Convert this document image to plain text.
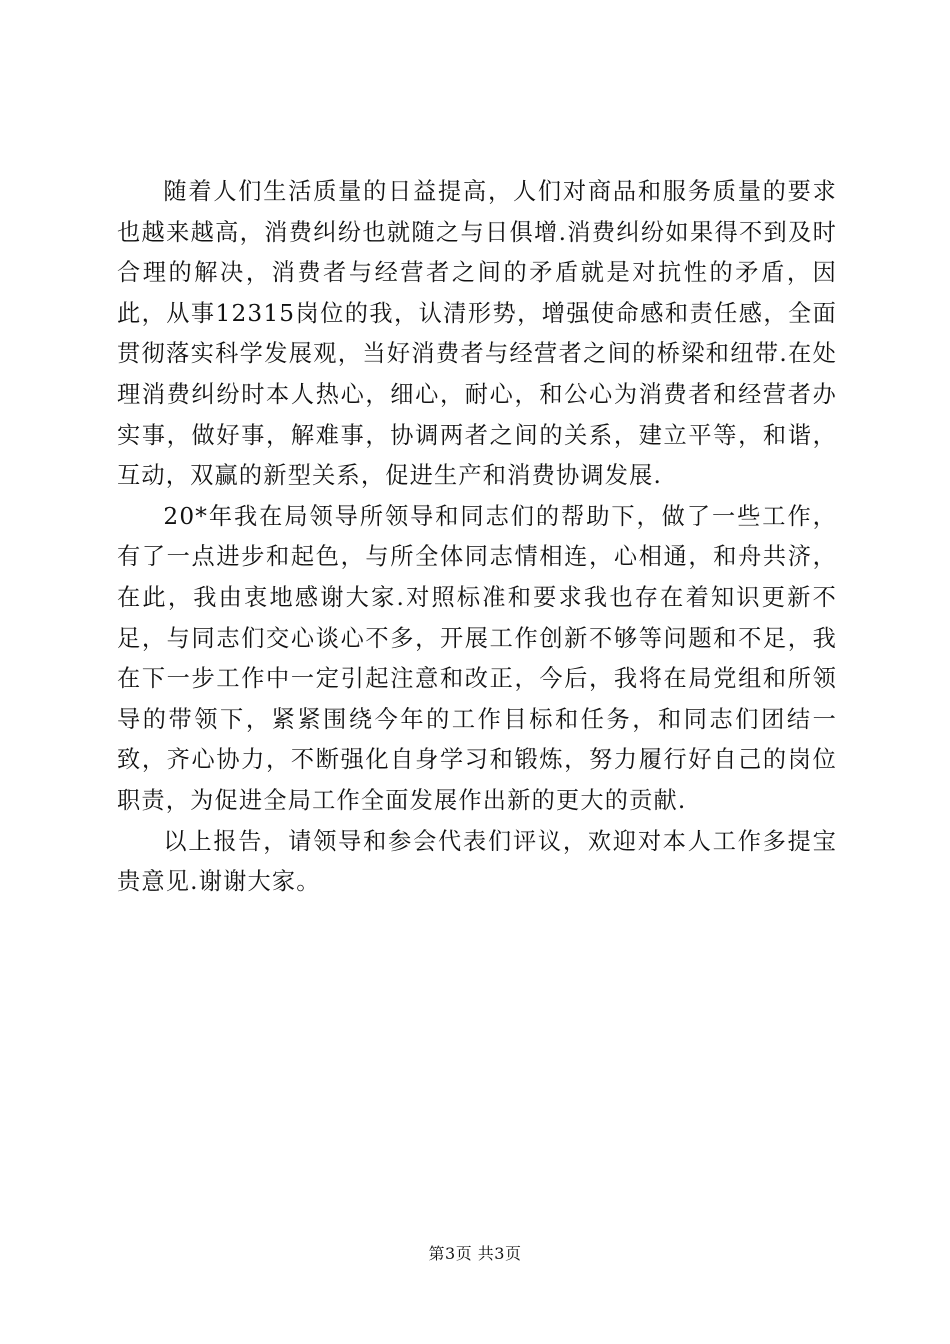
随着人们生活质量的日益提高，人们对商品和服务质量的要求也越来越高，消费纠纷也就随之与日俱增.消费纠纷如果得不到及时合理的解决，消费者与经营者之间的矛盾就是对抗性的矛盾，因此，从事12315岗位的我，认清形势，增强使命感和责任感，全面贯彻落实科学发展观，当好消费者与经营者之间的桥梁和纽带.在处理消费纠纷时本人热心，细心，耐心，和公心为消费者和经营者办实事，做好事，解难事，协调两者之间的关系，建立平等，和谐，互动，双赢的新型关系，促进生产和消费协调发展.

20*年我在局领导所领导和同志们的帮助下，做了一些工作，有了一点进步和起色，与所全体同志情相连，心相通，和舟共济，在此，我由衷地感谢大家.对照标准和要求我也存在着知识更新不足，与同志们交心谈心不多，开展工作创新不够等问题和不足，我在下一步工作中一定引起注意和改正，今后，我将在局党组和所领导的带领下，紧紧围绕今年的工作目标和任务，和同志们团结一致，齐心协力，不断强化自身学习和锻炼，努力履行好自己的岗位职责，为促进全局工作全面发展作出新的更大的贡献.

以上报告，请领导和参会代表们评议，欢迎对本人工作多提宝贵意见.谢谢大家。

第3页 共3页
